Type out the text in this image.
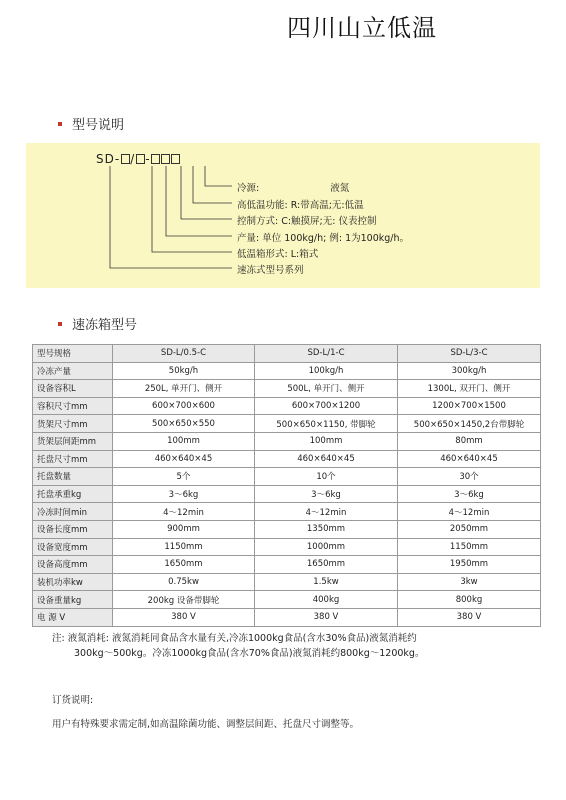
四川山立低温
型号说明
SD- / -
冷源:	液氮
高低温功能: R:带高温;无:低温
控制方式: C:触摸屏;无: 仪表控制
产量: 单位 100kg/h; 例: 1为100kg/h。
低温箱形式: L:箱式
速冻式型号系列
速冻箱型号
型号规格	SD-L/0.5-C	SD-L/1-C	SD-L/3-C
冷冻产量	50kg/h	100kg/h	300kg/h
设备容积L	250L, 单开门、侧开	500L, 单开门、侧开	1300L, 双开门、侧开
容积尺寸mm	600×700×600	600×700×1200	1200×700×1500
货架尺寸mm	500×650×550	500×650×1150, 带脚轮	500×650×1450,2台带脚轮
货架层间距mm	100mm	100mm	80mm
托盘尺寸mm	460×640×45	460×640×45	460×640×45
托盘数量	5个	10个	30个
托盘承重kg	3～6kg	3～6kg	3～6kg
冷冻时间min	4～12min	4～12min	4～12min
设备长度mm	900mm	1350mm	2050mm
设备宽度mm	1150mm	1000mm	1150mm
设备高度mm	1650mm	1650mm	1950mm
装机功率kw	0.75kw	1.5kw	3kw
设备重量kg	200kg 设备带脚轮	400kg	800kg
电 源 V	380 V	380 V	380 V
注: 液氮消耗: 液氮消耗同食品含水量有关,冷冻1000kg食品(含水30%食品)液氮消耗约
300kg～500kg。冷冻1000kg食品(含水70%食品)液氮消耗约800kg～1200kg。
订货说明:
用户有特殊要求需定制,如高温除菌功能、调整层间距、托盘尺寸调整等。
